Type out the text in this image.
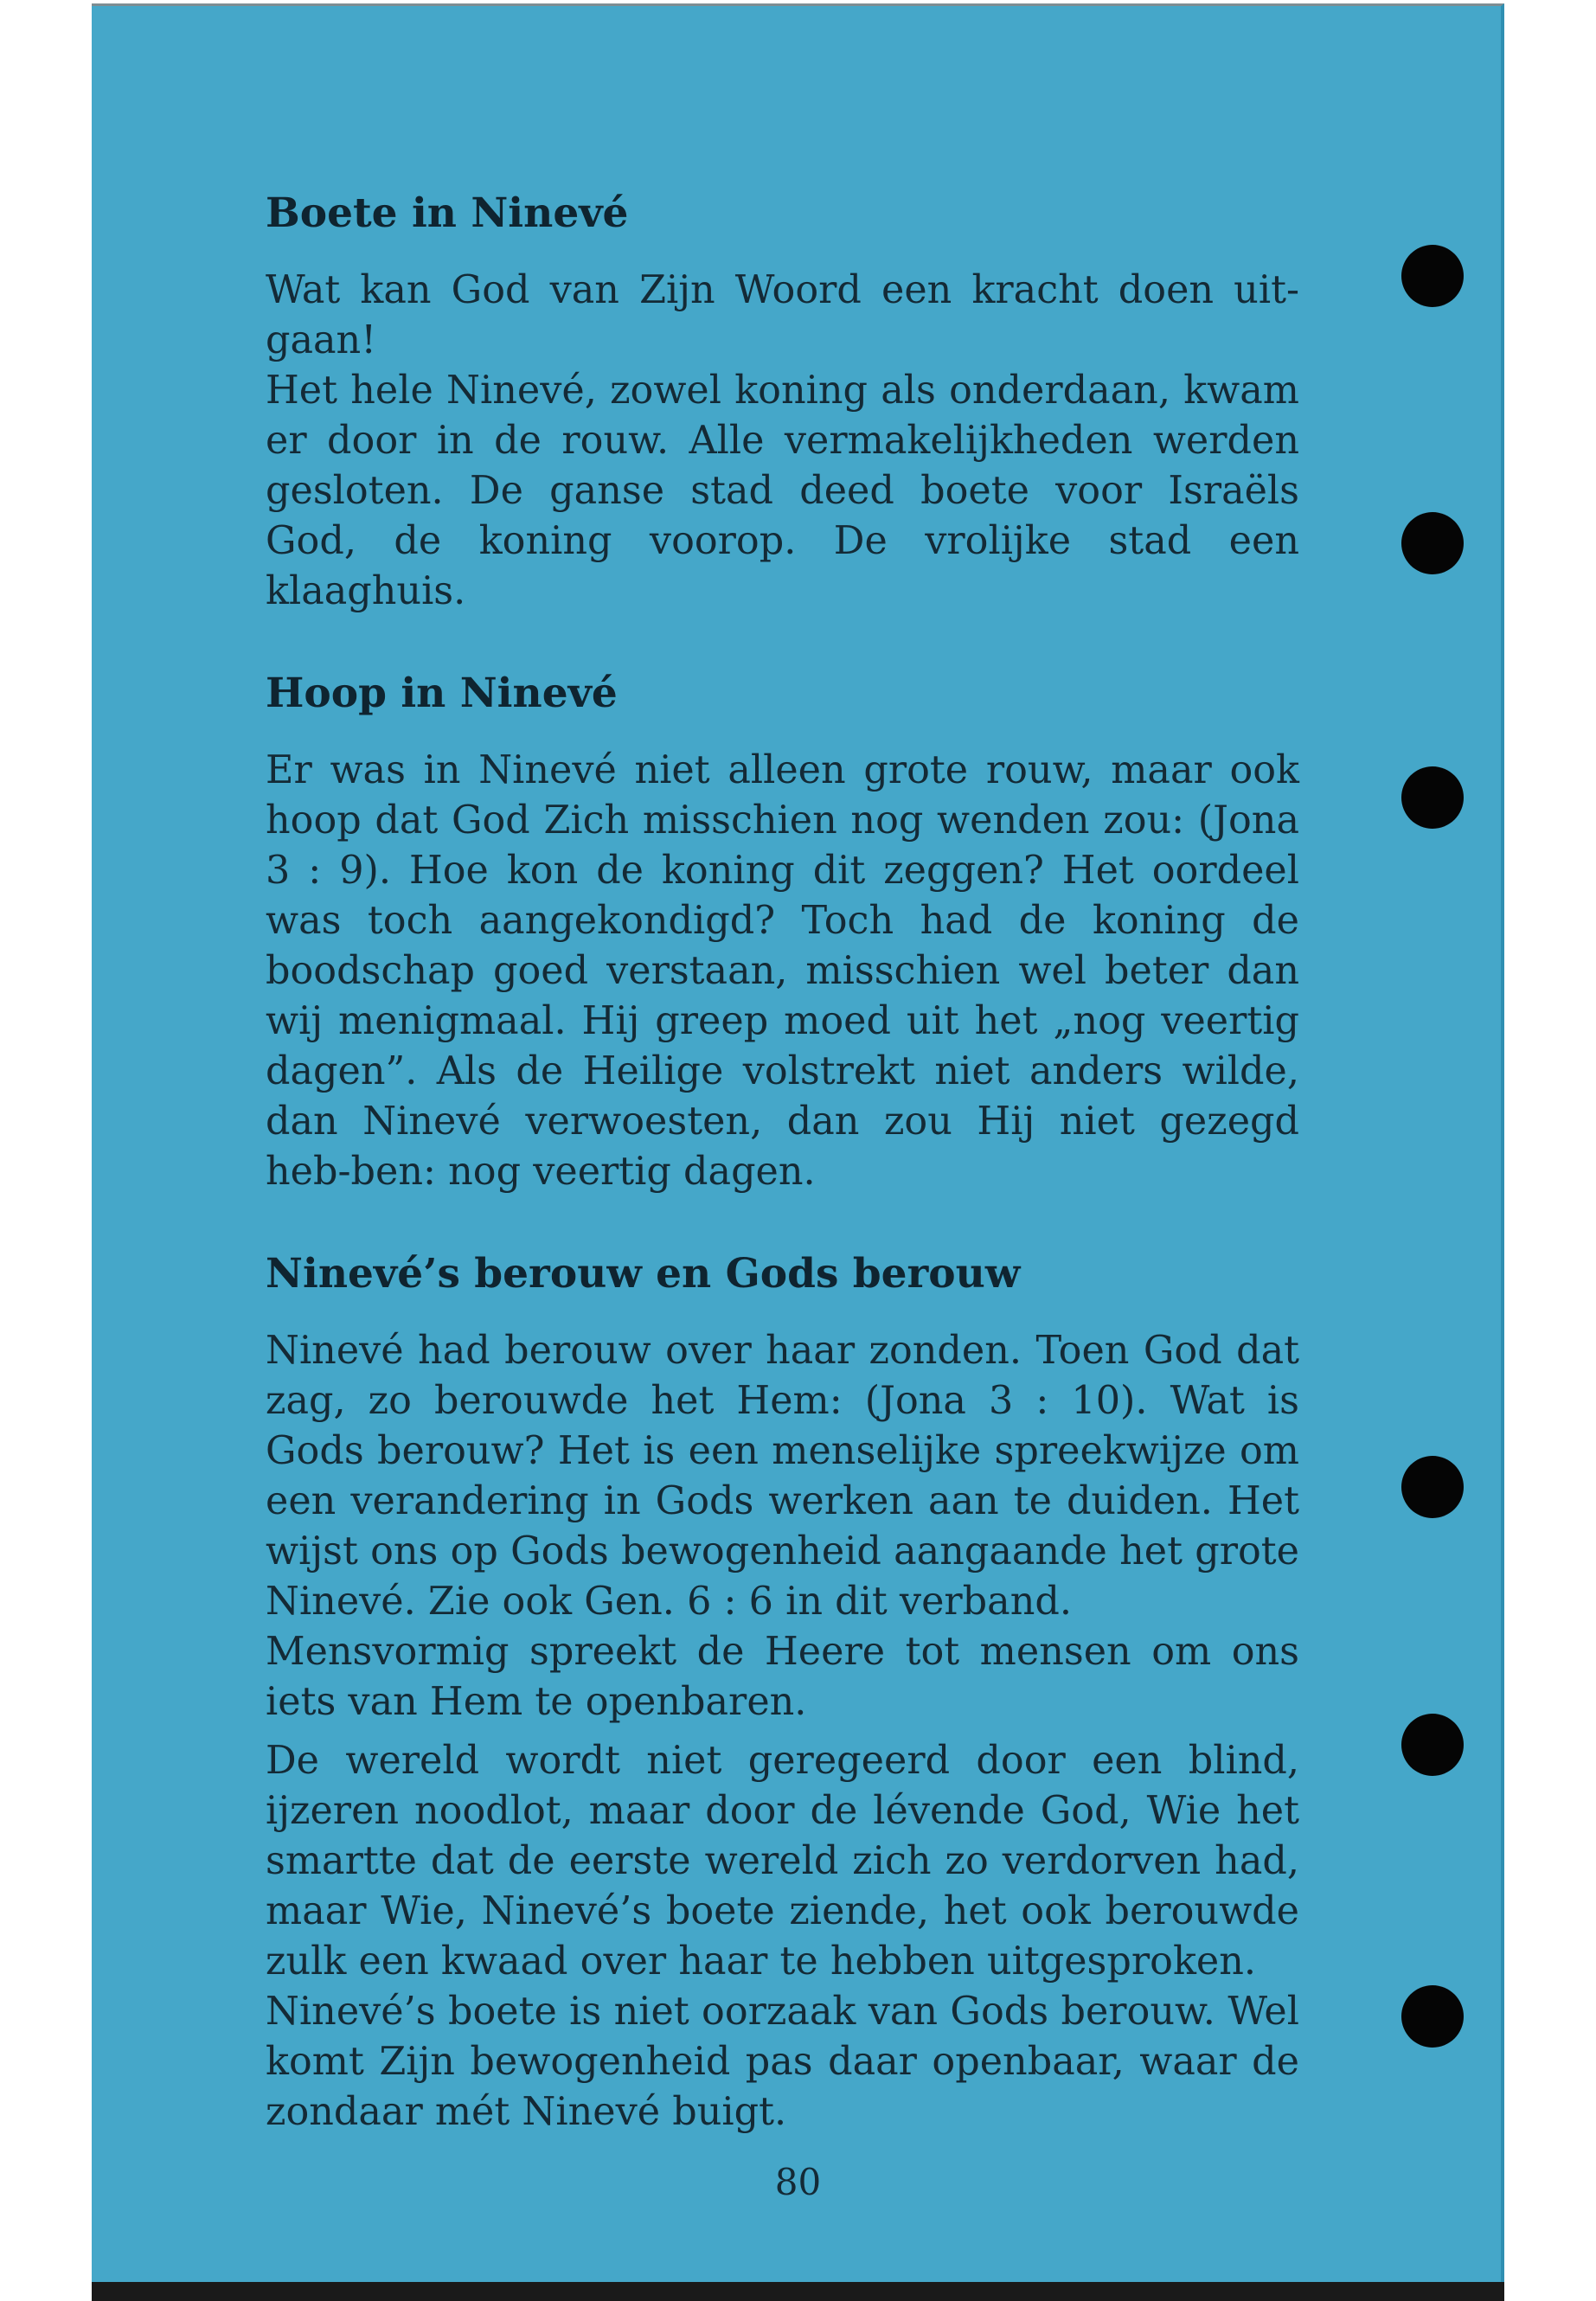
Boete in Ninevé

Wat kan God van Zijn Woord een kracht doen uit-gaan!

Het hele Ninevé, zowel koning als onderdaan, kwam er door in de rouw. Alle vermakelijkheden werden gesloten. De ganse stad deed boete voor Israëls God, de koning voorop. De vrolijke stad een klaaghuis.

Hoop in Ninevé

Er was in Ninevé niet alleen grote rouw, maar ook hoop dat God Zich misschien nog wenden zou: (Jona 3 : 9). Hoe kon de koning dit zeggen? Het oordeel was toch aangekondigd? Toch had de koning de boodschap goed verstaan, misschien wel beter dan wij menigmaal. Hij greep moed uit het „nog veertig dagen”. Als de Heilige volstrekt niet anders wilde, dan Ninevé verwoesten, dan zou Hij niet gezegd heb-ben: nog veertig dagen.

Ninevé’s berouw en Gods berouw

Ninevé had berouw over haar zonden. Toen God dat zag, zo berouwde het Hem: (Jona 3 : 10). Wat is Gods berouw? Het is een menselijke spreekwijze om een verandering in Gods werken aan te duiden. Het wijst ons op Gods bewogenheid aangaande het grote Ninevé. Zie ook Gen. 6 : 6 in dit verband.

Mensvormig spreekt de Heere tot mensen om ons iets van Hem te openbaren.

De wereld wordt niet geregeerd door een blind, ijzeren noodlot, maar door de lévende God, Wie het smartte dat de eerste wereld zich zo verdorven had, maar Wie, Ninevé’s boete ziende, het ook berouwde zulk een kwaad over haar te hebben uitgesproken.

Ninevé’s boete is niet oorzaak van Gods berouw. Wel komt Zijn bewogenheid pas daar openbaar, waar de zondaar mét Ninevé buigt.

80
